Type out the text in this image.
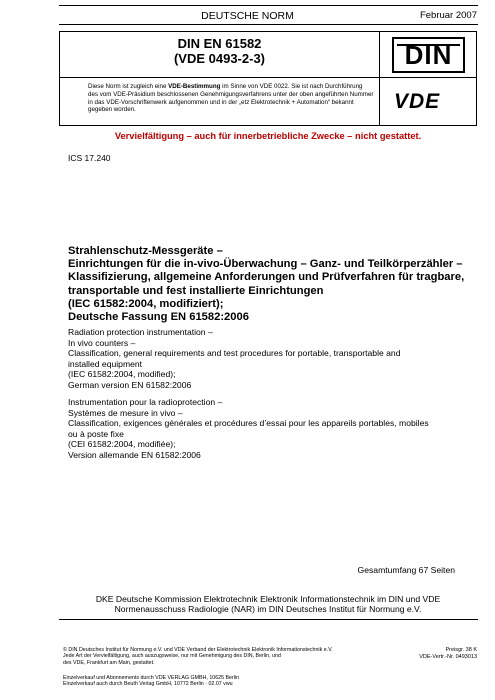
DEUTSCHE NORM	Februar 2007
DIN EN 61582
(VDE 0493-2-3)	DIN
Diese Norm ist zugleich eine VDE-Bestimmung im Sinne von VDE 0022. Sie ist nach Durchführung des vom VDE-Präsidium beschlossenen Genehmigungsverfahrens unter der oben angeführten Nummer in das VDE-Vorschriftenwerk aufgenommen und in der „etz Elektrotechnik + Automation“ bekannt gegeben worden.	VDE
Vervielfältigung – auch für innerbetriebliche Zwecke – nicht gestattet.
ICS 17.240
Strahlenschutz-Messgeräte –
Einrichtungen für die in-vivo-Überwachung – Ganz- und Teilkörperzähler –
Klassifizierung, allgemeine Anforderungen und Prüfverfahren für tragbare,
transportable und fest installierte Einrichtungen
(IEC 61582:2004, modifiziert);
Deutsche Fassung EN 61582:2006
Radiation protection instrumentation –
In vivo counters –
Classification, general requirements and test procedures for portable, transportable and
installed equipment
(IEC 61582:2004, modified);
German version EN 61582:2006
Instrumentation pour la radioprotection –
Systèmes de mesure in vivo –
Classification, exigences générales et procédures d’essai pour les appareils portables, mobiles
ou à poste fixe
(CEI 61582:2004, modifiée);
Version allemande EN 61582:2006
Gesamtumfang 67 Seiten
DKE Deutsche Kommission Elektrotechnik Elektronik Informationstechnik im DIN und VDE
Normenausschuss Radiologie (NAR) im DIN Deutsches Institut für Normung e.V.
© DIN Deutsches Institut für Normung e.V. und VDE Verband der Elektrotechnik Elektronik Informationstechnik e.V.
Jede Art der Vervielfältigung, auch auszugsweise, nur mit Genehmigung des DIN, Berlin, und
des VDE, Frankfurt am Main, gestattet.
Einzelverkauf und Abonnements durch VDE VERLAG GMBH, 10625 Berlin
Einzelverkauf auch durch Beuth Verlag GmbH, 10772 Berlin · 02.07 vwu
Preisgr. 38 K
VDE-Vertr.-Nr. 0493013
